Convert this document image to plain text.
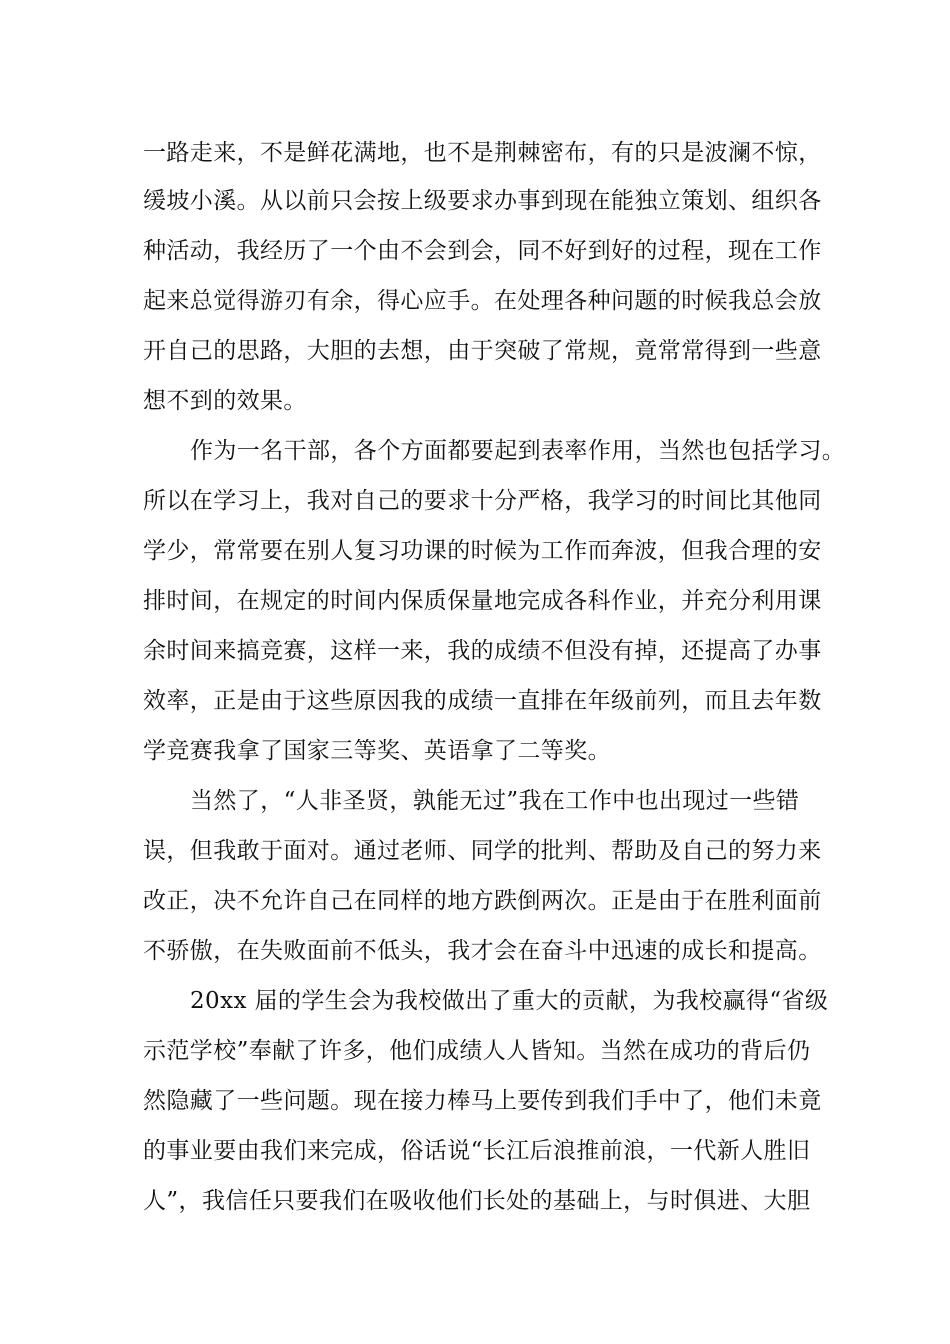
一路走来，不是鲜花满地，也不是荆棘密布，有的只是波澜不惊，
缓坡小溪。从以前只会按上级要求办事到现在能独立策划、组织各
种活动，我经历了一个由不会到会，同不好到好的过程，现在工作
起来总觉得游刃有余，得心应手。在处理各种问题的时候我总会放
开自己的思路，大胆的去想，由于突破了常规，竟常常得到一些意
想不到的效果。
作为一名干部，各个方面都要起到表率作用，当然也包括学习。
所以在学习上，我对自己的要求十分严格，我学习的时间比其他同
学少，常常要在别人复习功课的时候为工作而奔波，但我合理的安
排时间，在规定的时间内保质保量地完成各科作业，并充分利用课
余时间来搞竞赛，这样一来，我的成绩不但没有掉，还提高了办事
效率，正是由于这些原因我的成绩一直排在年级前列，而且去年数
学竞赛我拿了国家三等奖、英语拿了二等奖。
当然了，“人非圣贤，孰能无过”我在工作中也出现过一些错
误，但我敢于面对。通过老师、同学的批判、帮助及自己的努力来
改正，决不允许自己在同样的地方跌倒两次。正是由于在胜利面前
不骄傲，在失败面前不低头，我才会在奋斗中迅速的成长和提高。
20xx 届的学生会为我校做出了重大的贡献，为我校赢得“省级
示范学校”奉献了许多，他们成绩人人皆知。当然在成功的背后仍
然隐藏了一些问题。现在接力棒马上要传到我们手中了，他们未竟
的事业要由我们来完成，俗话说“长江后浪推前浪，一代新人胜旧
人”，我信任只要我们在吸收他们长处的基础上，与时俱进、大胆
